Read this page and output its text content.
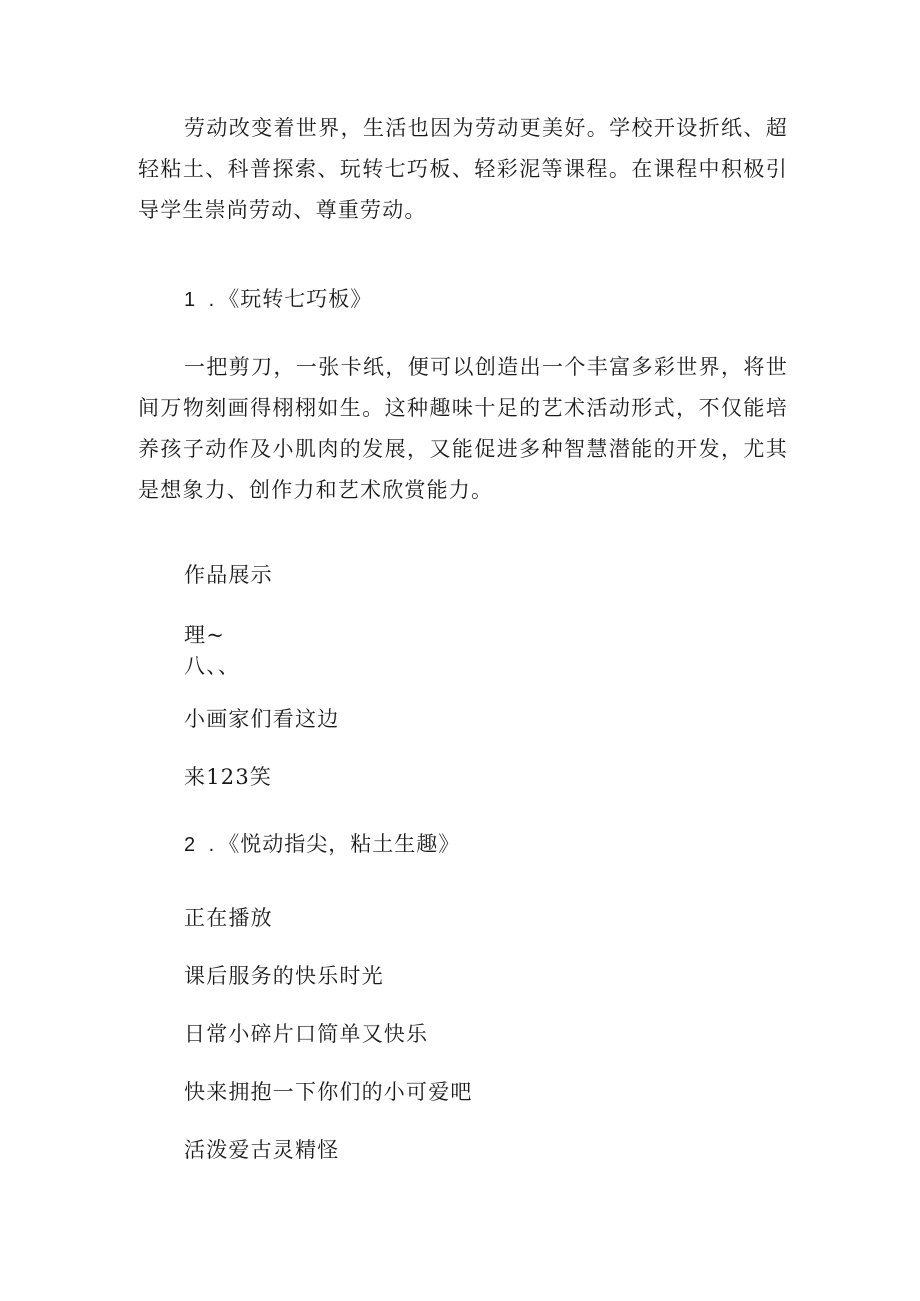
劳动改变着世界，生活也因为劳动更美好。学校开设折纸、超轻粘土、科普探索、玩转七巧板、轻彩泥等课程。在课程中积极引导学生崇尚劳动、尊重劳动。

1 .《玩转七巧板》

一把剪刀，一张卡纸，便可以创造出一个丰富多彩世界，将世间万物刻画得栩栩如生。这种趣味十足的艺术活动形式，不仅能培养孩子动作及小肌肉的发展，又能促进多种智慧潜能的开发，尤其是想象力、创作力和艺术欣赏能力。

作品展示
理~
八、、
小画家们看这边
来123笑
2 .《悦动指尖，粘土生趣》
正在播放
课后服务的快乐时光
日常小碎片口简单又快乐
快来拥抱一下你们的小可爱吧
活泼爱古灵精怪
